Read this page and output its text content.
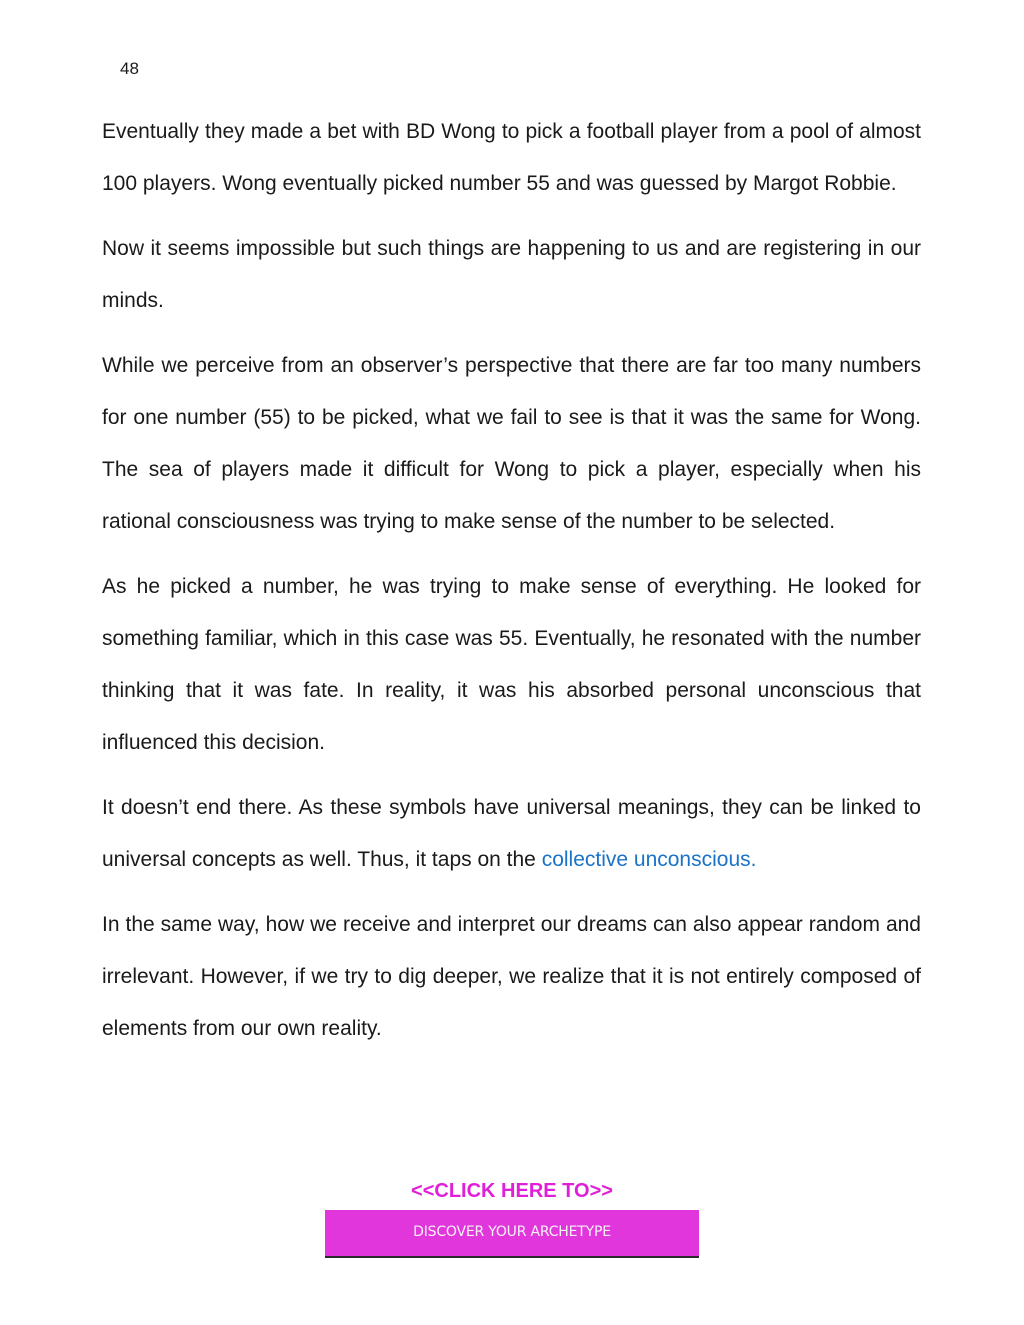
48

Eventually they made a bet with BD Wong to pick a football player from a pool of almost 100 players. Wong eventually picked number 55 and was guessed by Margot Robbie.

Now it seems impossible but such things are happening to us and are registering in our minds.

While we perceive from an observer’s perspective that there are far too many numbers for one number (55) to be picked, what we fail to see is that it was the same for Wong. The sea of players made it difficult for Wong to pick a player, especially when his rational consciousness was trying to make sense of the number to be selected.

As he picked a number, he was trying to make sense of everything. He looked for something familiar, which in this case was 55. Eventually, he resonated with the number thinking that it was fate. In reality, it was his absorbed personal unconscious that influenced this decision.

It doesn’t end there. As these symbols have universal meanings, they can be linked to universal concepts as well. Thus, it taps on the collective unconscious.

In the same way, how we receive and interpret our dreams can also appear random and irrelevant. However, if we try to dig deeper, we realize that it is not entirely composed of elements from our own reality.

<<CLICK HERE TO>>
DISCOVER YOUR ARCHETYPE
